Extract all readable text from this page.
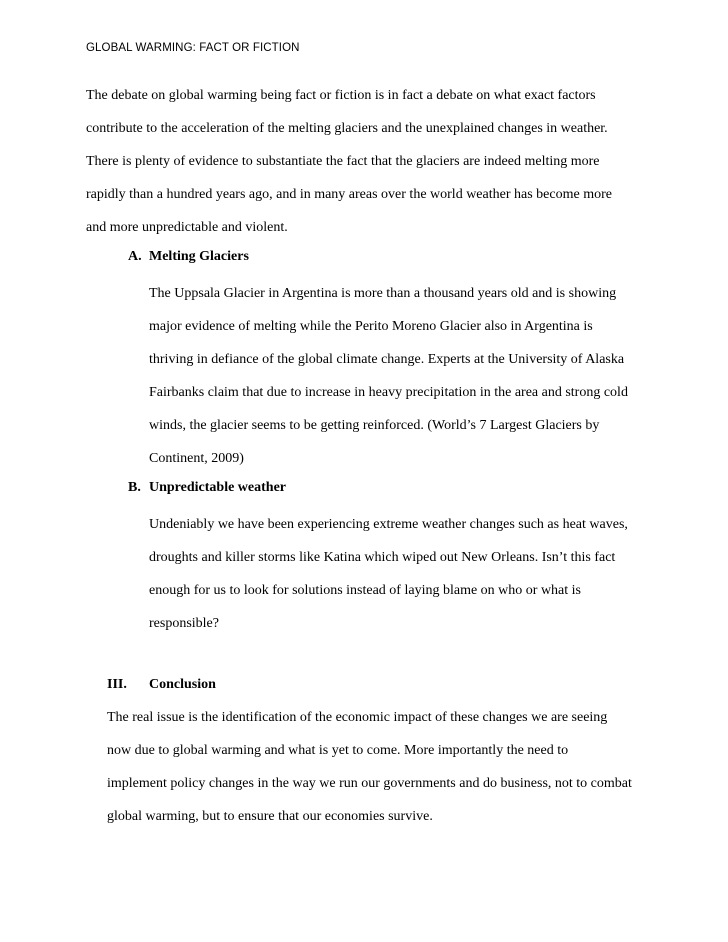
GLOBAL WARMING: FACT OR FICTION

The debate on global warming being fact or fiction is in fact a debate on what exact factors
contribute to the acceleration of the melting glaciers and the unexplained changes in weather.
There is plenty of evidence to substantiate the fact that the glaciers are indeed melting more
rapidly than a hundred years ago, and in many areas over the world weather has become more
and more unpredictable and violent.

A. Melting Glaciers

The Uppsala Glacier in Argentina is more than a thousand years old and is showing
major evidence of melting while the Perito Moreno Glacier also in Argentina is
thriving in defiance of the global climate change. Experts at the University of Alaska
Fairbanks claim that due to increase in heavy precipitation in the area and strong cold
winds, the glacier seems to be getting reinforced. (World’s 7 Largest Glaciers by
Continent, 2009)

B. Unpredictable weather

Undeniably we have been experiencing extreme weather changes such as heat waves,
droughts and killer storms like Katina which wiped out New Orleans. Isn’t this fact
enough for us to look for solutions instead of laying blame on who or what is
responsible?

III. Conclusion

The real issue is the identification of the economic impact of these changes we are seeing
now due to global warming and what is yet to come. More importantly the need to
implement policy changes in the way we run our governments and do business, not to combat
global warming, but to ensure that our economies survive.
